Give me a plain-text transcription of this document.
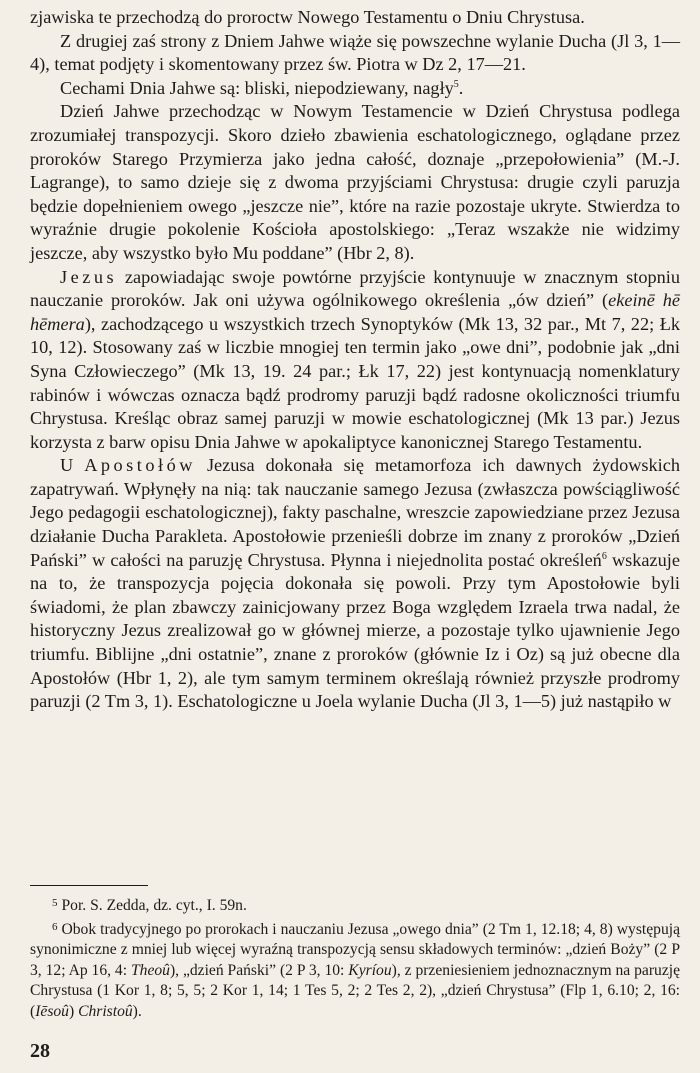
zjawiska te przechodzą do proroctw Nowego Testamentu o Dniu Chrystusa.

Z drugiej zaś strony z Dniem Jahwe wiąże się powszechne wylanie Ducha (Jl 3, 1—4), temat podjęty i skomentowany przez św. Piotra w Dz 2, 17—21.

Cechami Dnia Jahwe są: bliski, niepodziewany, nagły$^5$.

Dzień Jahwe przechodząc w Nowym Testamencie w Dzień Chrystusa podlega zrozumiałej transpozycji. Skoro dzieło zbawienia eschatologicznego, oglądane przez proroków Starego Przymierza jako jedna całość, doznaje „przepołowienia” (M.-J. Lagrange), to samo dzieje się z dwoma przyjściami Chrystusa: drugie czyli paruzja będzie dopełnieniem owego „jeszcze nie”, które na razie pozostaje ukryte. Stwierdza to wyraźnie drugie pokolenie Kościoła apostolskiego: „Teraz wszakże nie widzimy jeszcze, aby wszystko było Mu poddane” (Hbr 2, 8).

Jezus zapowiadając swoje powtórne przyjście kontynuuje w znacznym stopniu nauczanie proroków. Jak oni używa ogólnikowego określenia „ów dzień” (ekeinē hē hēmera), zachodzącego u wszystkich trzech Synoptyków (Mk 13, 32 par., Mt 7, 22; Łk 10, 12). Stosowany zaś w liczbie mnogiej ten termin jako „owe dni”, podobnie jak „dni Syna Człowieczego” (Mk 13, 19. 24 par.; Łk 17, 22) jest kontynuacją nomenklatury rabinów i wówczas oznacza bądź prodromy paruzji bądź radosne okoliczności triumfu Chrystusa. Kreśląc obraz samej paruzji w mowie eschatologicznej (Mk 13 par.) Jezus korzysta z barw opisu Dnia Jahwe w apokaliptyce kanonicznej Starego Testamentu.

U Apostołów Jezusa dokonała się metamorfoza ich dawnych żydowskich zapatrywań. Wpłynęły na nią: tak nauczanie samego Jezusa (zwłaszcza powściągliwość Jego pedagogii eschatologicznej), fakty paschalne, wreszcie zapowiedziane przez Jezusa działanie Ducha Parakleta. Apostołowie przenieśli dobrze im znany z proroków „Dzień Pański” w całości na paruzję Chrystusa. Płynna i niejednolita postać określeń$^6$ wskazuje na to, że transpozycja pojęcia dokonała się powoli. Przy tym Apostołowie byli świadomi, że plan zbawczy zainicjowany przez Boga względem Izraela trwa nadal, że historyczny Jezus zrealizował go w głównej mierze, a pozostaje tylko ujawnienie Jego triumfu. Biblijne „dni ostatnie”, znane z proroków (głównie Iz i Oz) są już obecne dla Apostołów (Hbr 1, 2), ale tym samym terminem określają również przyszłe prodromy paruzji (2 Tm 3, 1). Eschatologiczne u Joela wylanie Ducha (Jl 3, 1—5) już nastąpiło w

$^5$ Por. S. Zedda, dz. cyt., I. 59n.

$^6$ Obok tradycyjnego po prorokach i nauczaniu Jezusa „owego dnia” (2 Tm 1, 12.18; 4, 8) występują synonimiczne z mniej lub więcej wyraźną transpozycją sensu składowych terminów: „dzień Boży” (2 P 3, 12; Ap 16, 4: Theoû), „dzień Pański” (2 P 3, 10: Kyríou), z przeniesieniem jednoznacznym na paruzję Chrystusa (1 Kor 1, 8; 5, 5; 2 Kor 1, 14; 1 Tes 5, 2; 2 Tes 2, 2), „dzień Chrystusa” (Flp 1, 6.10; 2, 16: (Iēsoû) Christoû).

28
